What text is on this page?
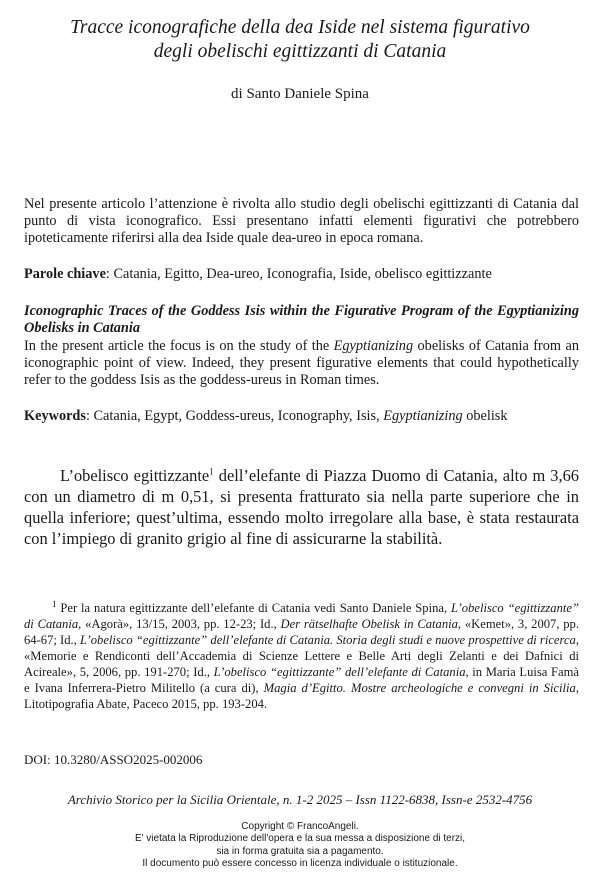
Tracce iconografiche della dea Iside nel sistema figurativo
degli obelischi egittizzanti di Catania
di Santo Daniele Spina
Nel presente articolo l’attenzione è rivolta allo studio degli obelischi egittizzanti di Catania dal punto di vista iconografico. Essi presentano infatti elementi figurativi che potrebbero ipoteticamente riferirsi alla dea Iside quale dea-ureo in epoca romana.
Parole chiave: Catania, Egitto, Dea-ureo, Iconografia, Iside, obelisco egittizzante
Iconographic Traces of the Goddess Isis within the Figurative Program of the Egyptianizing Obelisks in Catania
In the present article the focus is on the study of the Egyptianizing obelisks of Catania from an iconographic point of view. Indeed, they present figurative elements that could hypothetically refer to the goddess Isis as the goddess-ureus in Roman times.
Keywords: Catania, Egypt, Goddess-ureus, Iconography, Isis, Egyptianizing obelisk
L’obelisco egittizzante$^1$ dell’elefante di Piazza Duomo di Catania, alto m 3,66 con un diametro di m 0,51, si presenta fratturato sia nella parte superiore che in quella inferiore; quest’ultima, essendo molto irregolare alla base, è stata restaurata con l’impiego di granito grigio al fine di assicurarne la stabilità.
$^1$ Per la natura egittizzante dell’elefante di Catania vedi Santo Daniele Spina, L’obelisco “egittizzante” di Catania, «Agorà», 13/15, 2003, pp. 12-23; Id., Der rätselhafte Obelisk in Catania, «Kemet», 3, 2007, pp. 64-67; Id., L’obelisco “egittizzante” dell’elefante di Catania. Storia degli studi e nuove prospettive di ricerca, «Memorie e Rendiconti dell’Accademia di Scienze Lettere e Belle Arti degli Zelanti e dei Dafnici di Acireale», 5, 2006, pp. 191-270; Id., L’obelisco “egittizzante” dell’elefante di Catania, in Maria Luisa Famà e Ivana Inferrera-Pietro Militello (a cura di), Magia d’Egitto. Mostre archeologiche e convegni in Sicilia, Litotipografia Abate, Paceco 2015, pp. 193-204.
DOI: 10.3280/ASSO2025-002006
Archivio Storico per la Sicilia Orientale, n. 1-2 2025 – Issn 1122-6838, Issn-e 2532-4756
Copyright © FrancoAngeli.
E' vietata la Riproduzione dell'opera e la sua messa a disposizione di terzi,
sia in forma gratuita sia a pagamento.
Il documento può essere concesso in licenza individuale o istituzionale.
